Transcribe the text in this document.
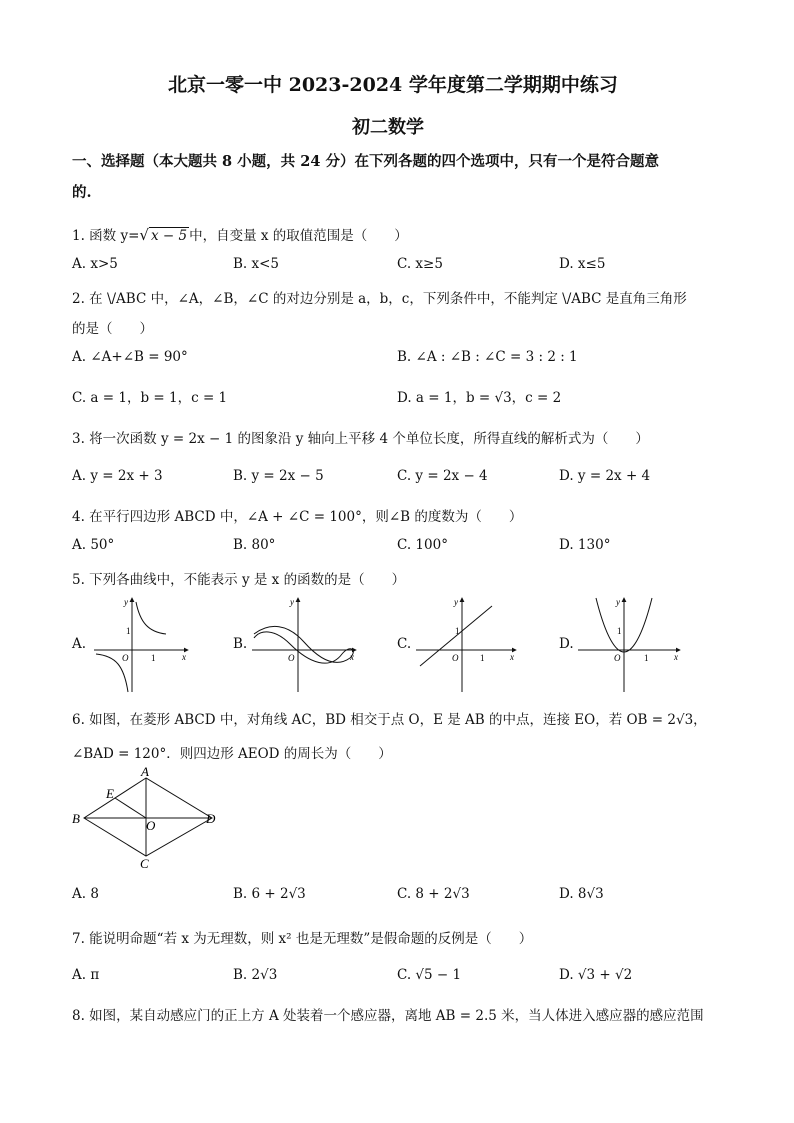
北京一零一中 2023-2024 学年度第二学期期中练习
初二数学
一、选择题（本大题共 8 小题，共 24 分）在下列各题的四个选项中，只有一个是符合题意
的.
1. 函数 y=√ x − 5 中，自变量 x 的取值范围是（　　）
A. x>5	B. x<5	C. x≥5	D. x≤5
2. 在 \/ABC 中，∠A，∠B，∠C 的对边分别是 a，b，c，下列条件中，不能判定 \/ABC 是直角三角形
的是（　　）
A. ∠A+∠B = 90°	B. ∠A : ∠B : ∠C = 3 : 2 : 1
C. a = 1，b = 1，c = 1	D. a = 1，b = √3，c = 2
3. 将一次函数 y = 2x − 1 的图象沿 y 轴向上平移 4 个单位长度，所得直线的解析式为（　　）
A. y = 2x + 3	B. y = 2x − 5	C. y = 2x − 4	D. y = 2x + 4
4. 在平行四边形 ABCD 中，∠A + ∠C = 100°，则∠B 的度数为（　　）
A. 50°	B. 80°	C. 100°	D. 130°
5. 下列各曲线中，不能表示 y 是 x 的函数的是（　　）
A.	B.	C.	D.
y
x
O
1
1
y
x
O
y
x
O
1
1
y
x
O
1
1
6. 如图，在菱形 ABCD 中，对角线 AC，BD 相交于点 O，E 是 AB 的中点，连接 EO，若 OB = 2√3，
∠BAD = 120°．则四边形 AEOD 的周长为（　　）
A
B
C
D
E
O
A. 8	B. 6 + 2√3	C. 8 + 2√3	D. 8√3
7. 能说明命题“若 x 为无理数，则 x² 也是无理数”是假命题的反例是（　　）
A. π	B. 2√3	C. √5 − 1	D. √3 + √2
8. 如图，某自动感应门的正上方 A 处装着一个感应器，离地 AB = 2.5 米，当人体进入感应器的感应范围
